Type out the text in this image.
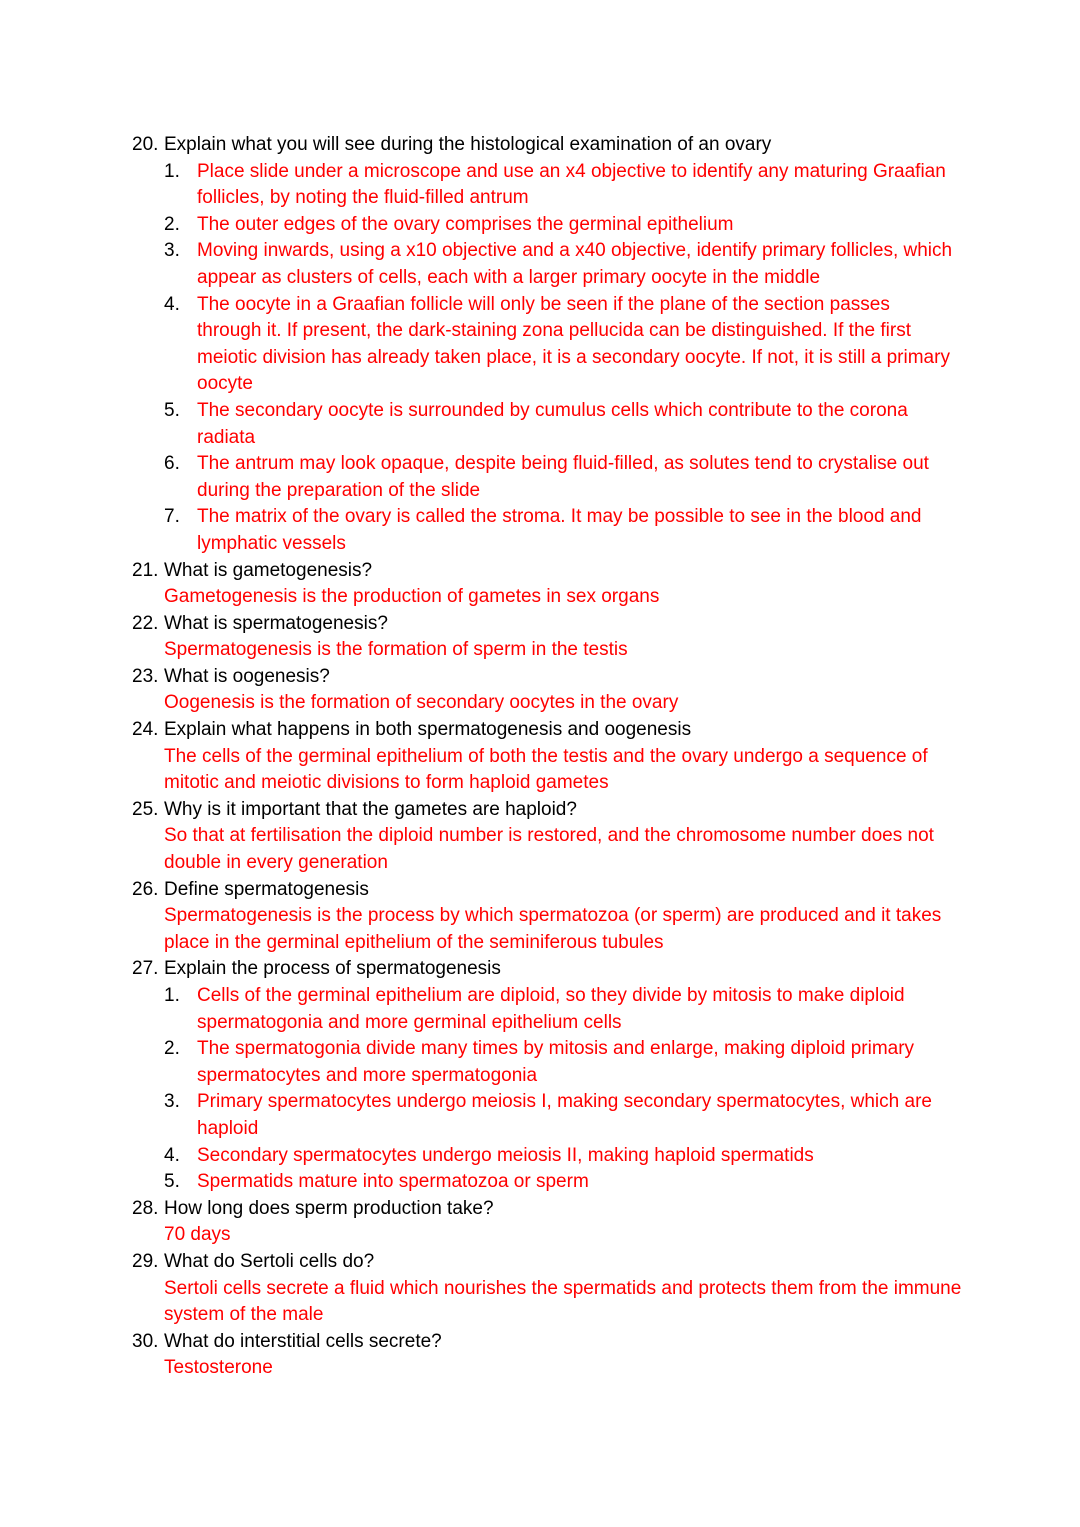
20. Explain what you will see during the histological examination of an ovary
1. Place slide under a microscope and use an x4 objective to identify any maturing Graafian follicles, by noting the fluid-filled antrum
2. The outer edges of the ovary comprises the germinal epithelium
3. Moving inwards, using a x10 objective and a x40 objective, identify primary follicles, which appear as clusters of cells, each with a larger primary oocyte in the middle
4. The oocyte in a Graafian follicle will only be seen if the plane of the section passes through it. If present, the dark-staining zona pellucida can be distinguished. If the first meiotic division has already taken place, it is a secondary oocyte. If not, it is still a primary oocyte
5. The secondary oocyte is surrounded by cumulus cells which contribute to the corona radiata
6. The antrum may look opaque, despite being fluid-filled, as solutes tend to crystalise out during the preparation of the slide
7. The matrix of the ovary is called the stroma. It may be possible to see in the blood and lymphatic vessels
21. What is gametogenesis?
Gametogenesis is the production of gametes in sex organs
22. What is spermatogenesis?
Spermatogenesis is the formation of sperm in the testis
23. What is oogenesis?
Oogenesis is the formation of secondary oocytes in the ovary
24. Explain what happens in both spermatogenesis and oogenesis
The cells of the germinal epithelium of both the testis and the ovary undergo a sequence of mitotic and meiotic divisions to form haploid gametes
25. Why is it important that the gametes are haploid?
So that at fertilisation the diploid number is restored, and the chromosome number does not double in every generation
26. Define spermatogenesis
Spermatogenesis is the process by which spermatozoa (or sperm) are produced and it takes place in the germinal epithelium of the seminiferous tubules
27. Explain the process of spermatogenesis
1. Cells of the germinal epithelium are diploid, so they divide by mitosis to make diploid spermatogonia and more germinal epithelium cells
2. The spermatogonia divide many times by mitosis and enlarge, making diploid primary spermatocytes and more spermatogonia
3. Primary spermatocytes undergo meiosis I, making secondary spermatocytes, which are haploid
4. Secondary spermatocytes undergo meiosis II, making haploid spermatids
5. Spermatids mature into spermatozoa or sperm
28. How long does sperm production take?
70 days
29. What do Sertoli cells do?
Sertoli cells secrete a fluid which nourishes the spermatids and protects them from the immune system of the male
30. What do interstitial cells secrete?
Testosterone
